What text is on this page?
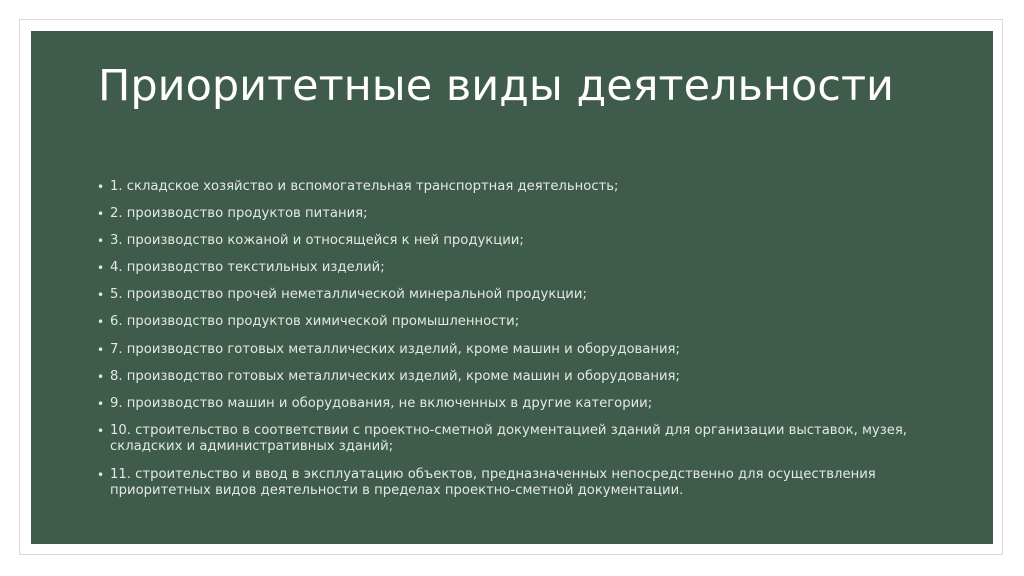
Приоритетные виды деятельности
• 1. складское хозяйство и вспомогательная транспортная деятельность;
• 2. производство продуктов питания;
• 3. производство кожаной и относящейся к ней продукции;
• 4. производство текстильных изделий;
• 5. производство прочей неметаллической минеральной продукции;
• 6. производство продуктов химической промышленности;
• 7. производство готовых металлических изделий, кроме машин и оборудования;
• 8. производство готовых металлических изделий, кроме машин и оборудования;
• 9. производство машин и оборудования, не включенных в другие категории;
• 10. строительство в соответствии с проектно-сметной документацией зданий для организации выставок, музея, складских и административных зданий;
• 11. строительство и ввод в эксплуатацию объектов, предназначенных непосредственно для осуществления приоритетных видов деятельности в пределах проектно-сметной документации.
